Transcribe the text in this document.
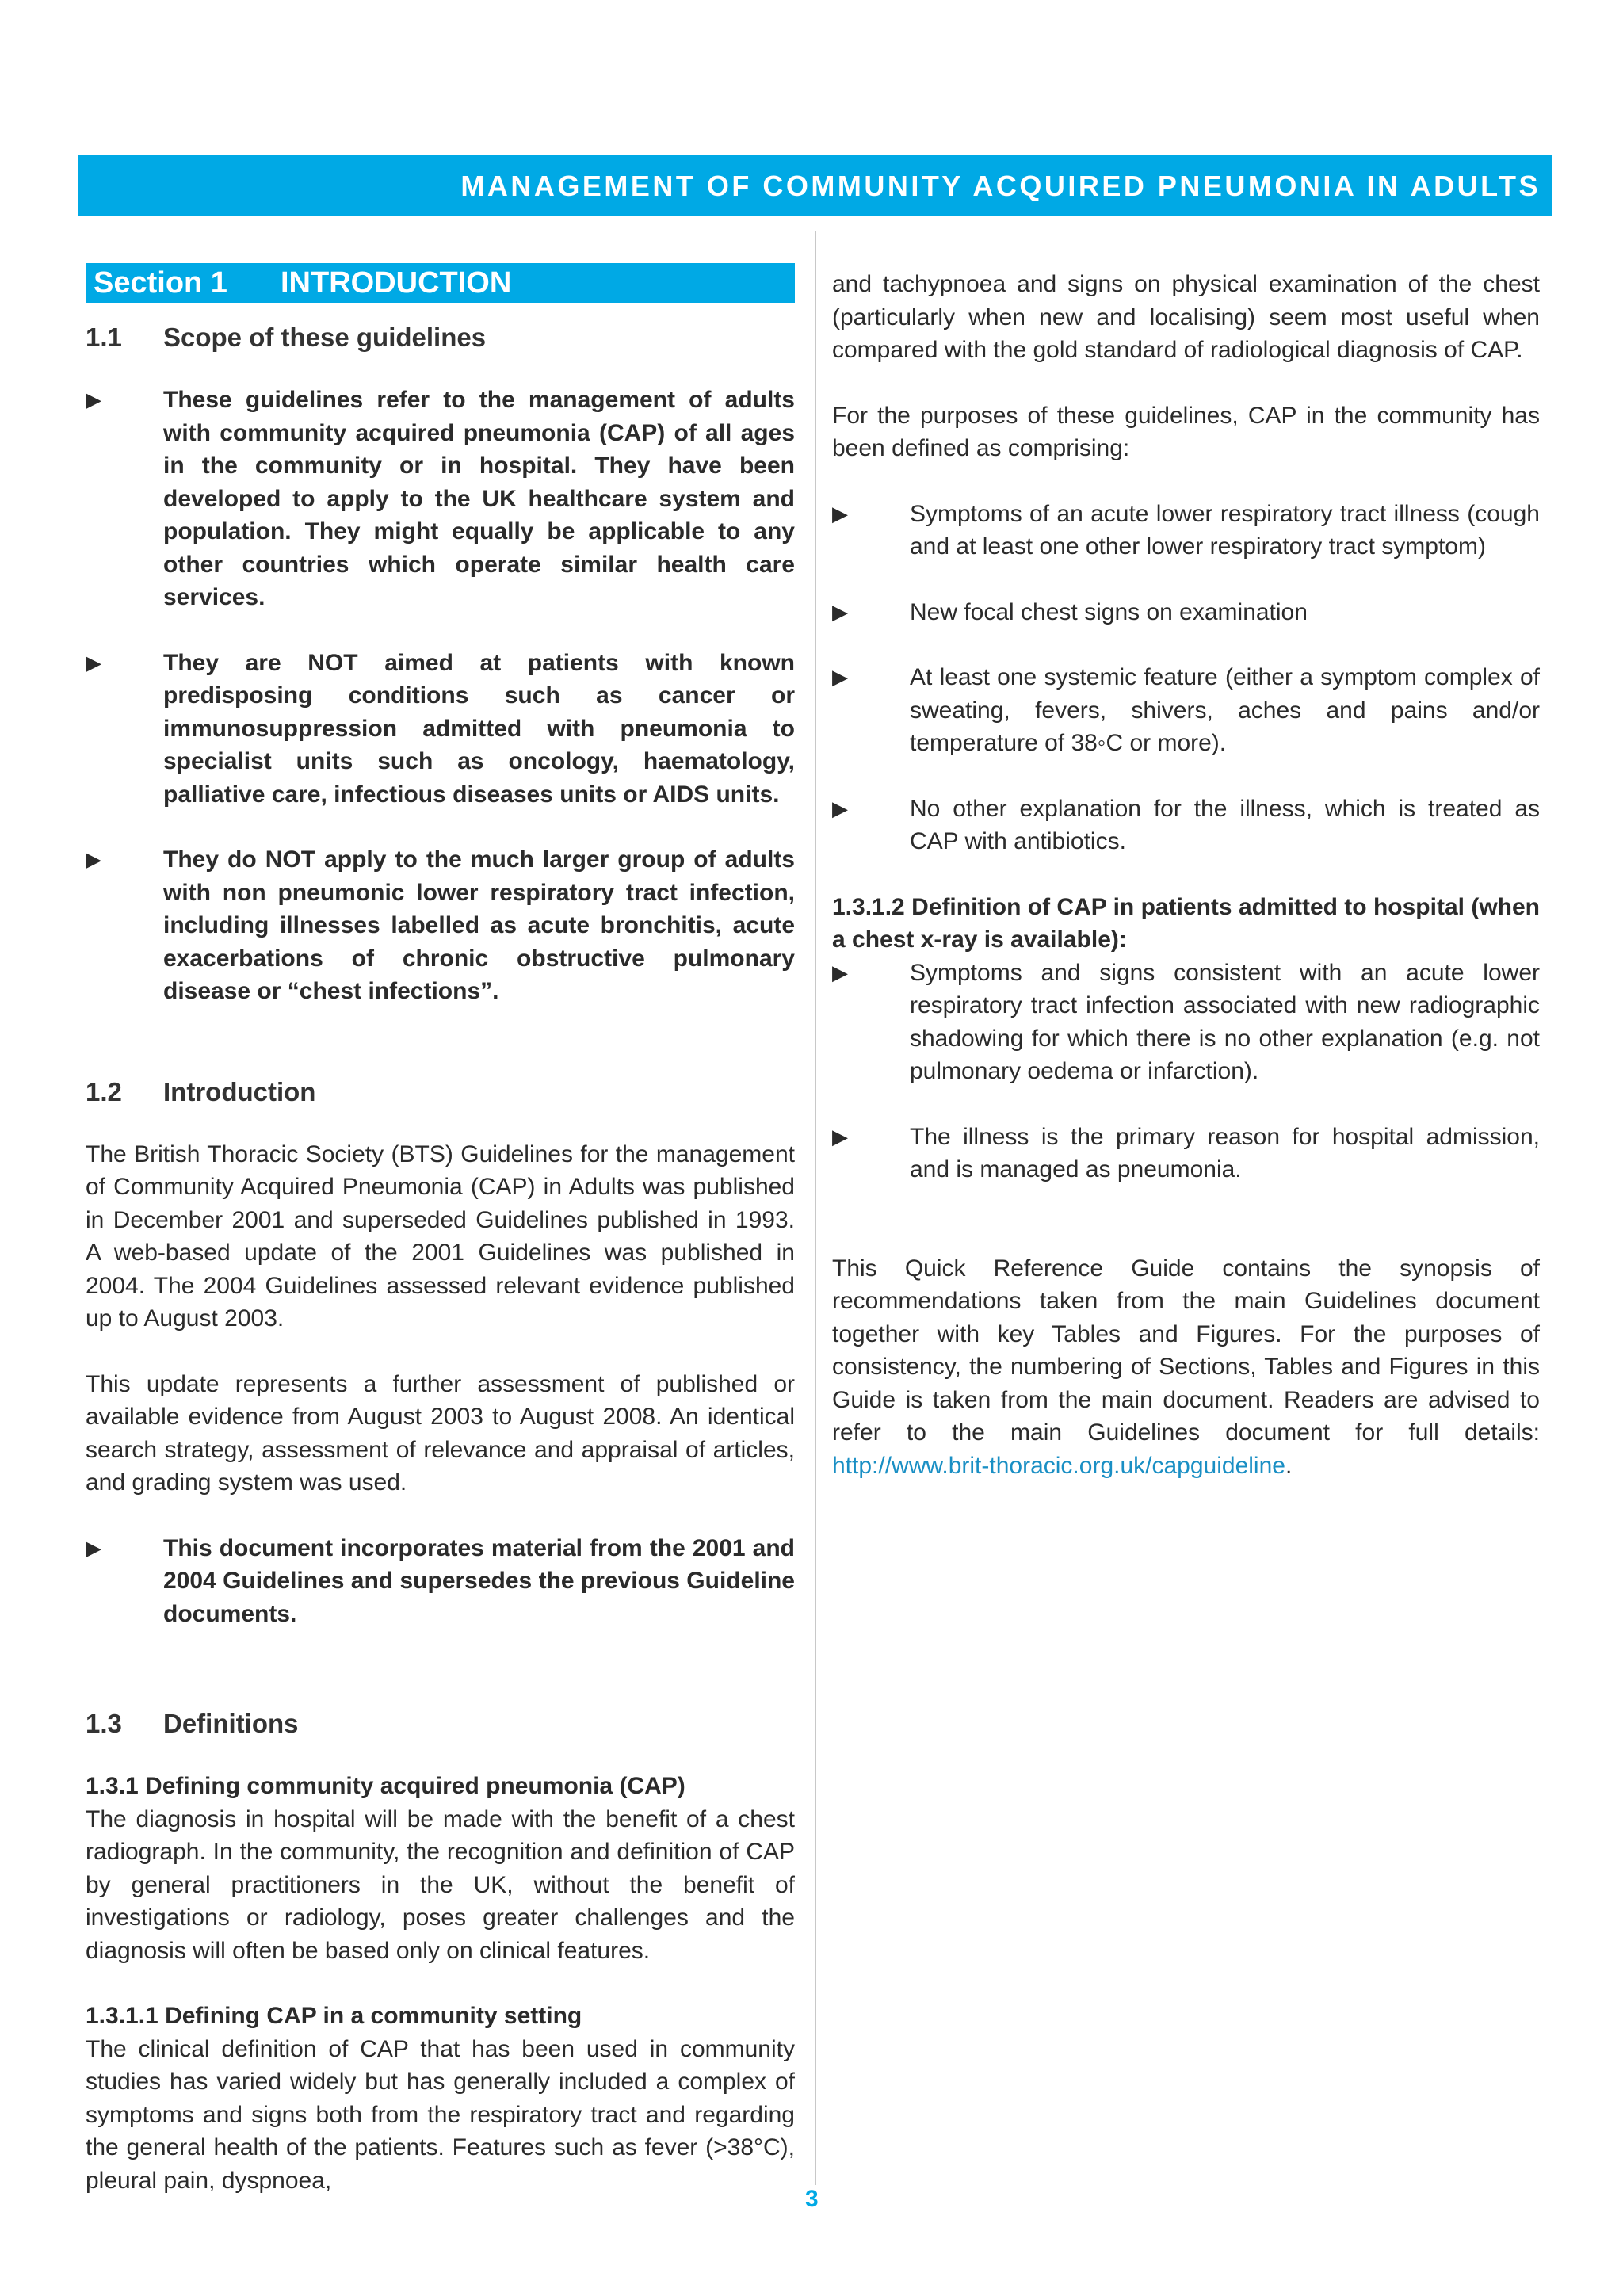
MANAGEMENT OF COMMUNITY ACQUIRED PNEUMONIA IN ADULTS
Section 1 INTRODUCTION
1.1 Scope of these guidelines
▶	These guidelines refer to the management of adults with community acquired pneumonia (CAP) of all ages in the community or in hospital. They have been developed to apply to the UK healthcare system and population. They might equally be applicable to any other countries which operate similar health care services.
▶	They are NOT aimed at patients with known predisposing conditions such as cancer or immunosuppression admitted with pneumonia to specialist units such as oncology, haematology, palliative care, infectious diseases units or AIDS units.
▶	They do NOT apply to the much larger group of adults with non pneumonic lower respiratory tract infection, including illnesses labelled as acute bronchitis, acute exacerbations of chronic obstructive pulmonary disease or “chest infections”.
1.2 Introduction

The British Thoracic Society (BTS) Guidelines for the management of Community Acquired Pneumonia (CAP) in Adults was published in December 2001 and superseded Guidelines published in 1993. A web-based update of the 2001 Guidelines was published in 2004. The 2004 Guidelines assessed relevant evidence published up to August 2003.

This update represents a further assessment of published or available evidence from August 2003 to August 2008. An identical search strategy, assessment of relevance and appraisal of articles, and grading system was used.

▶	This document incorporates material from the 2001 and 2004 Guidelines and supersedes the previous Guideline documents.
1.3 Definitions

1.3.1 Defining community acquired pneumonia (CAP)

The diagnosis in hospital will be made with the benefit of a chest radiograph. In the community, the recognition and definition of CAP by general practitioners in the UK, without the benefit of investigations or radiology, poses greater challenges and the diagnosis will often be based only on clinical features.

1.3.1.1 Defining CAP in a community setting

The clinical definition of CAP that has been used in community studies has varied widely but has generally included a complex of symptoms and signs both from the respiratory tract and regarding the general health of the patients. Features such as fever (>38°C), pleural pain, dyspnoea,

and tachypnoea and signs on physical examination of the chest (particularly when new and localising) seem most useful when compared with the gold standard of radiological diagnosis of CAP.

For the purposes of these guidelines, CAP in the community has been defined as comprising:

▶	Symptoms of an acute lower respiratory tract illness (cough and at least one other lower respiratory tract symptom)
▶	New focal chest signs on examination
▶	At least one systemic feature (either a symptom complex of sweating, fevers, shivers, aches and pains and/or temperature of 38◦C or more).
▶	No other explanation for the illness, which is treated as CAP with antibiotics.

1.3.1.2 Definition of CAP in patients admitted to hospital (when a chest x-ray is available):

▶	Symptoms and signs consistent with an acute lower respiratory tract infection associated with new radiographic shadowing for which there is no other explanation (e.g. not pulmonary oedema or infarction).
▶	The illness is the primary reason for hospital admission, and is managed as pneumonia.

This Quick Reference Guide contains the synopsis of recommendations taken from the main Guidelines document together with key Tables and Figures. For the purposes of consistency, the numbering of Sections, Tables and Figures in this Guide is taken from the main document. Readers are advised to refer to the main Guidelines document for full details: http://www.brit-thoracic.org.uk/capguideline.

3
